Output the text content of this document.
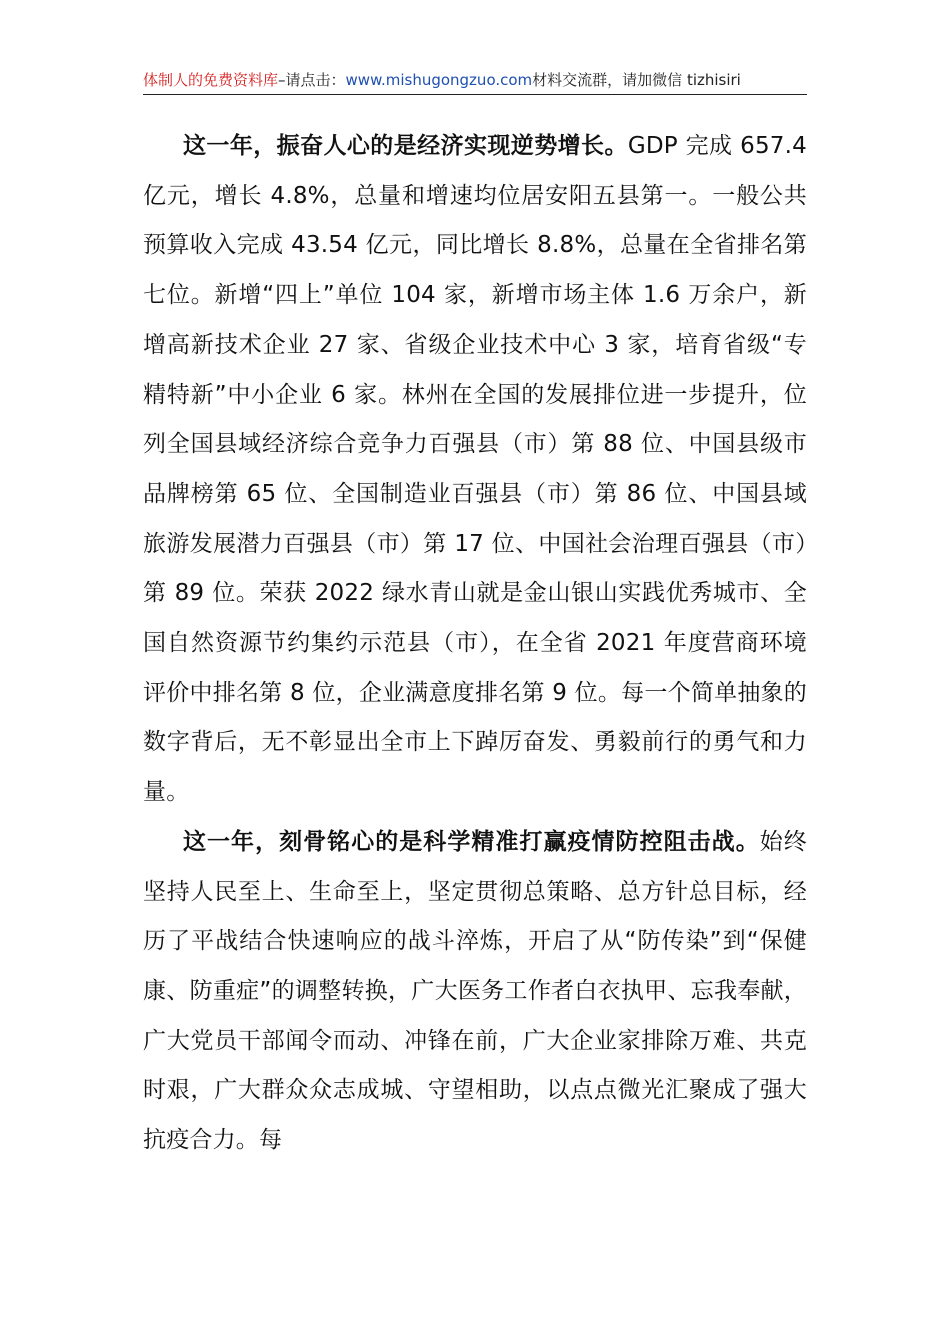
体制人的免费资料库–请点击：www.mishugongzuo.com材料交流群，请加微信 tizhisiri

这一年，振奋人心的是经济实现逆势增长。GDP 完成 657.4 亿元，增长 4.8%，总量和增速均位居安阳五县第一。一般公共预算收入完成 43.54 亿元，同比增长 8.8%，总量在全省排名第七位。新增“四上”单位 104 家，新增市场主体 1.6 万余户，新增高新技术企业 27 家、省级企业技术中心 3 家，培育省级“专精特新”中小企业 6 家。林州在全国的发展排位进一步提升，位列全国县域经济综合竞争力百强县（市）第 88 位、中国县级市品牌榜第 65 位、全国制造业百强县（市）第 86 位、中国县域旅游发展潜力百强县（市）第 17 位、中国社会治理百强县（市）第 89 位。荣获 2022 绿水青山就是金山银山实践优秀城市、全国自然资源节约集约示范县（市），在全省 2021 年度营商环境评价中排名第 8 位，企业满意度排名第 9 位。每一个简单抽象的数字背后，无不彰显出全市上下踔厉奋发、勇毅前行的勇气和力量。

这一年，刻骨铭心的是科学精准打赢疫情防控阻击战。始终坚持人民至上、生命至上，坚定贯彻总策略、总方针总目标，经历了平战结合快速响应的战斗淬炼，开启了从“防传染”到“保健康、防重症”的调整转换，广大医务工作者白衣执甲、忘我奉献，广大党员干部闻令而动、冲锋在前，广大企业家排除万难、共克时艰，广大群众众志成城、守望相助，以点点微光汇聚成了强大抗疫合力。每
